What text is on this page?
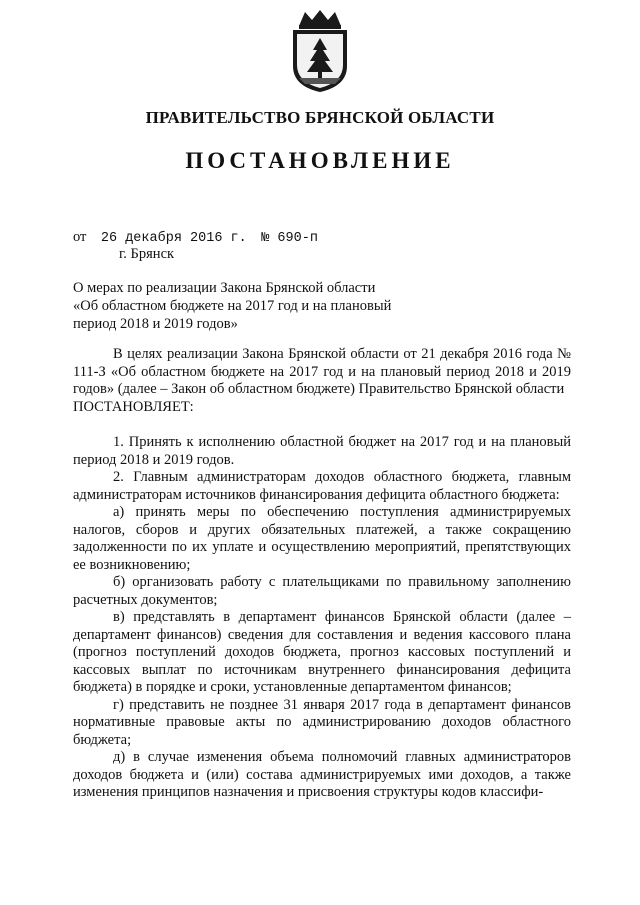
ПРАВИТЕЛЬСТВО БРЯНСКОЙ ОБЛАСТИ
ПОСТАНОВЛЕНИЕ
от 26 декабря 2016 г. № 690-п
г. Брянск
О мерах по реализации Закона Брянской области «Об областном бюджете на 2017 год и на плановый период 2018 и 2019 годов»

В целях реализации Закона Брянской области от 21 декабря 2016 года № 111-З «Об областном бюджете на 2017 год и на плановый период 2018 и 2019 годов» (далее – Закон об областном бюджете) Правительство Брянской области

ПОСТАНОВЛЯЕТ:

1. Принять к исполнению областной бюджет на 2017 год и на плановый период 2018 и 2019 годов.

2. Главным администраторам доходов областного бюджета, главным администраторам источников финансирования дефицита областного бюджета:

а) принять меры по обеспечению поступления администрируемых налогов, сборов и других обязательных платежей, а также сокращению задолженности по их уплате и осуществлению мероприятий, препятствующих ее возникновению;

б) организовать работу с плательщиками по правильному заполнению расчетных документов;

в) представлять в департамент финансов Брянской области (далее – департамент финансов) сведения для составления и ведения кассового плана (прогноз поступлений доходов бюджета, прогноз кассовых поступлений и кассовых выплат по источникам внутреннего финансирования дефицита бюджета) в порядке и сроки, установленные департаментом финансов;

г) представить не позднее 31 января 2017 года в департамент финансов нормативные правовые акты по администрированию доходов областного бюджета;

д) в случае изменения объема полномочий главных администраторов доходов бюджета и (или) состава администрируемых ими доходов, а также изменения принципов назначения и присвоения структуры кодов классифи-
